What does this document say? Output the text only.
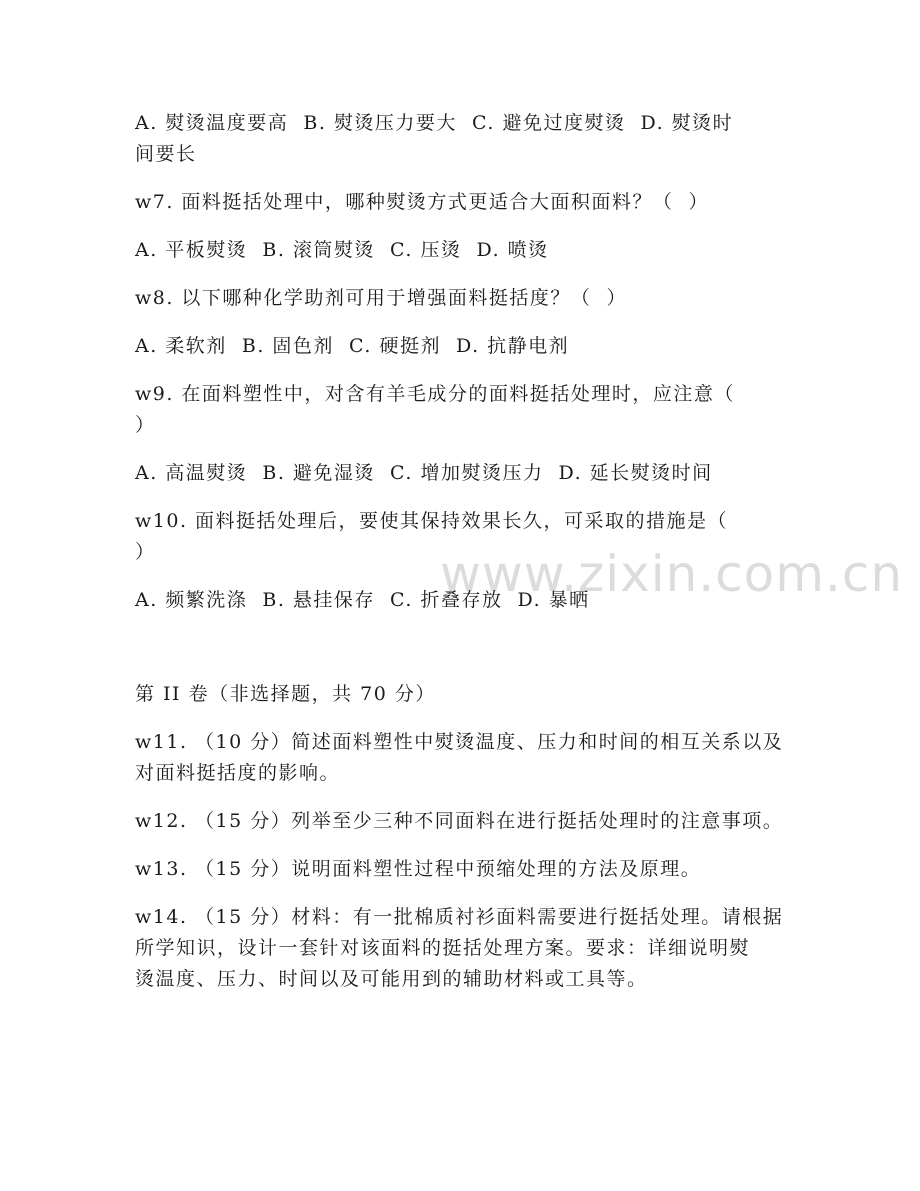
www.zixin.com.cn
A. 熨烫温度要高  B. 熨烫压力要大  C. 避免过度熨烫  D. 熨烫时
间要长
w7. 面料挺括处理中，哪种熨烫方式更适合大面积面料？（  ）
A. 平板熨烫  B. 滚筒熨烫  C. 压烫  D. 喷烫
w8. 以下哪种化学助剂可用于增强面料挺括度？（  ）
A. 柔软剂  B. 固色剂  C. 硬挺剂  D. 抗静电剂
w9. 在面料塑性中，对含有羊毛成分的面料挺括处理时，应注意（
）
A. 高温熨烫  B. 避免湿烫  C. 增加熨烫压力  D. 延长熨烫时间
w10. 面料挺括处理后，要使其保持效果长久，可采取的措施是（
）
A. 频繁洗涤  B. 悬挂保存  C. 折叠存放  D. 暴晒
第 II 卷（非选择题，共 70 分）
w11. （10 分）简述面料塑性中熨烫温度、压力和时间的相互关系以及
对面料挺括度的影响。
w12. （15 分）列举至少三种不同面料在进行挺括处理时的注意事项。
w13. （15 分）说明面料塑性过程中预缩处理的方法及原理。
w14. （15 分）材料：有一批棉质衬衫面料需要进行挺括处理。请根据
所学知识，设计一套针对该面料的挺括处理方案。要求：详细说明熨
烫温度、压力、时间以及可能用到的辅助材料或工具等。
